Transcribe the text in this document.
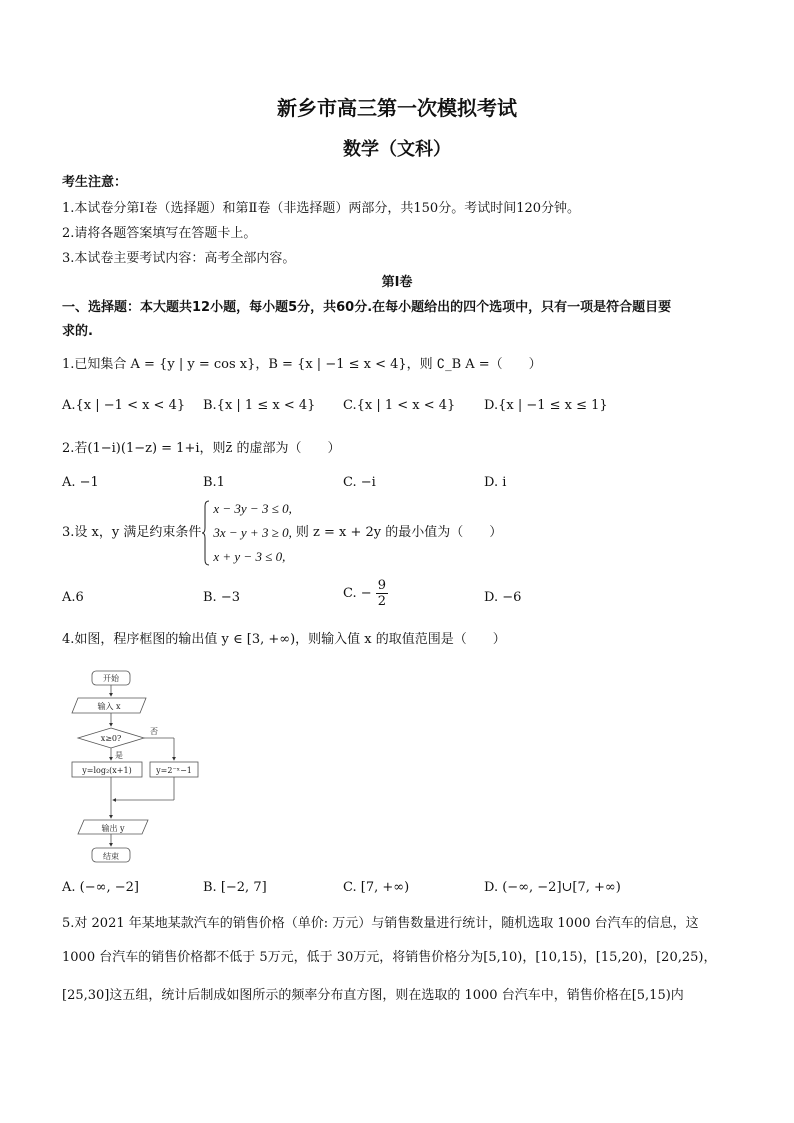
新乡市高三第一次模拟考试
数学（文科）
考生注意：
1.本试卷分第Ⅰ卷（选择题）和第Ⅱ卷（非选择题）两部分，共150分。考试时间120分钟。
2.请将各题答案填写在答题卡上。
3.本试卷主要考试内容：高考全部内容。
第Ⅰ卷
一、选择题：本大题共12小题，每小题5分，共60分.在每小题给出的四个选项中，只有一项是符合题目要
求的.
1.已知集合 A = {y | y = cos x}，B = {x | −1 ≤ x < 4}，则 ∁_B A =（　　）
A.{x | −1 < x < 4} B.{x | 1 ≤ x < 4} C.{x | 1 < x < 4} D.{x | −1 ≤ x ≤ 1}
2.若(1−i)(1−z) = 1+i，则z̄ 的虚部为（　　）
A. −1	B.1	C. −i	D. i
3.设 x，y 满足约束条件
x − 3y − 3 ≤ 0,
3x − y + 3 ≥ 0,
x + y − 3 ≤ 0,
则 z = x + 2y 的最小值为（　　）
A.6	B. −3	C. − $\frac{9}{2}$	D. −6
4.如图，程序框图的输出值 y ∈ [3, +∞)，则输入值 x 的取值范围是（　　）
开始
输入 x
x≥0?
否
是
y=log₂(x+1)	y=2⁻ˣ−1
输出 y
结束
A. (−∞, −2]	B. [−2, 7]	C. [7, +∞)	D. (−∞, −2]∪[7, +∞)
5.对 2021 年某地某款汽车的销售价格（单价: 万元）与销售数量进行统计，随机选取 1000 台汽车的信息，这
1000 台汽车的销售价格都不低于 5万元，低于 30万元，将销售价格分为[5,10)，[10,15)，[15,20)，[20,25)，
[25,30]这五组，统计后制成如图所示的频率分布直方图，则在选取的 1000 台汽车中，销售价格在[5,15)内
